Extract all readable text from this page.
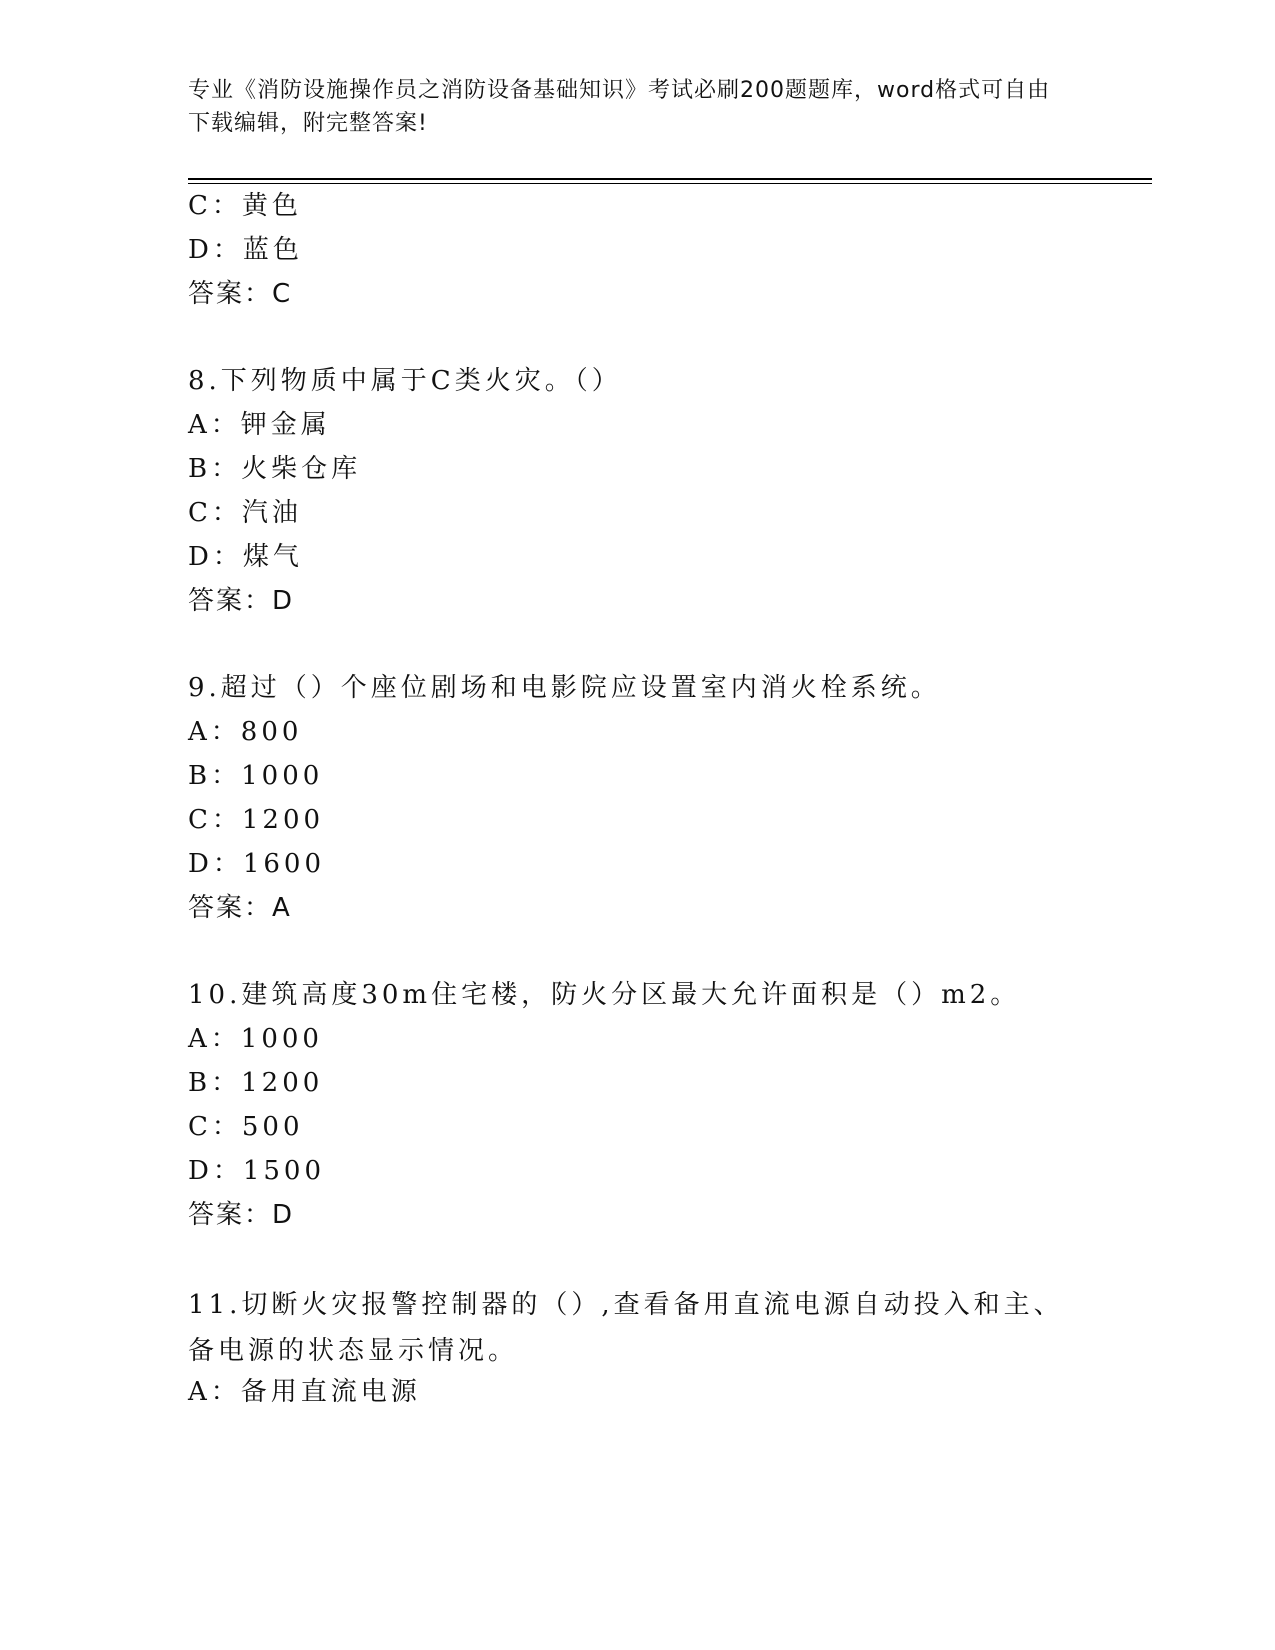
专业《消防设施操作员之消防设备基础知识》考试必刷200题题库，word格式可自由下载编辑，附完整答案!
C：黄色
D：蓝色
答案：C
8.下列物质中属于C类火灾。（）
A：钾金属
B：火柴仓库
C：汽油
D：煤气
答案：D
9.超过（）个座位剧场和电影院应设置室内消火栓系统。
A：800
B：1000
C：1200
D：1600
答案：A
10.建筑高度30m住宅楼，防火分区最大允许面积是（）m2。
A：1000
B：1200
C：500
D：1500
答案：D
11.切断火灾报警控制器的（）,查看备用直流电源自动投入和主、备电源的状态显示情况。
A：备用直流电源
